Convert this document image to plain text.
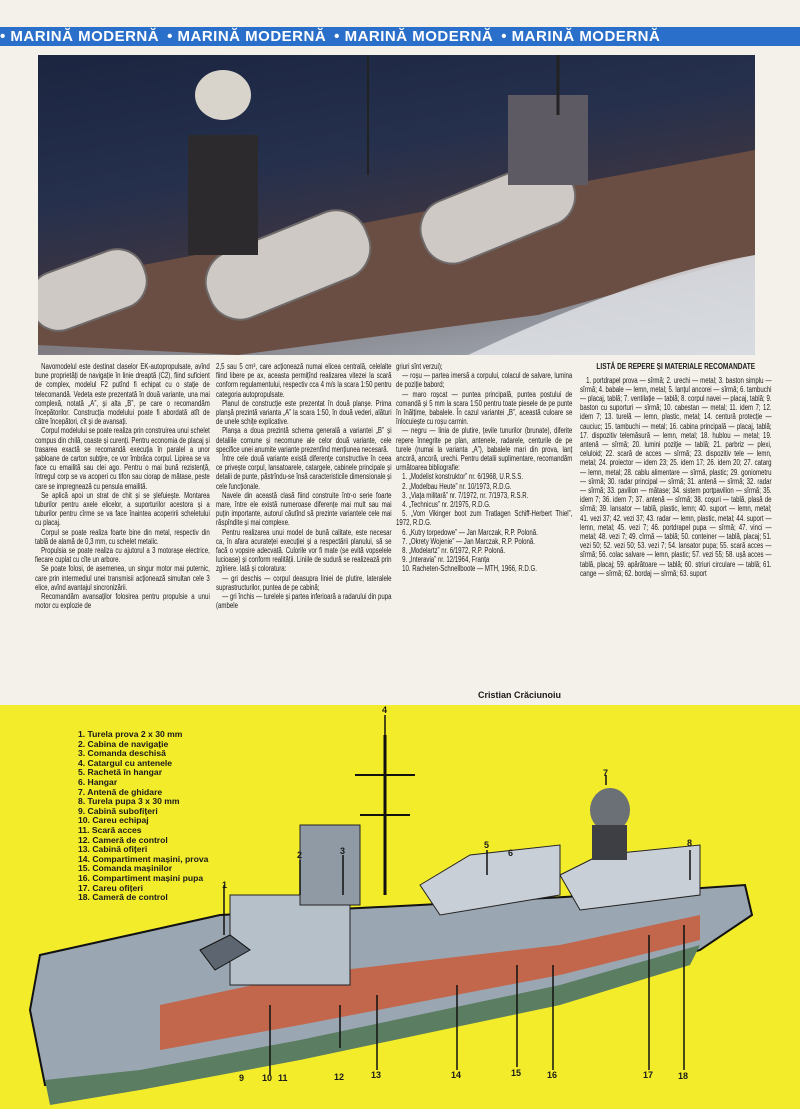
• MARINĂ MODERNĂ • MARINĂ MODERNĂ • MARINĂ MODERNĂ • MARINĂ MODERNĂ

Navomodelul este destinat claselor EK-autopropulsate, avînd bune proprietăți de navigație în linie dreaptă (C2), fiind suficient de complex, modelul F2 putînd fi echipat cu o stație de telecomandă. Vedeta este prezentată în două variante, una mai complexă, notată „A”, și alta „B”, pe care o recomandăm începătorilor. Construcția modelului poate fi abordată atît de către începători, cît și de avansați.

Corpul modelului se poate realiza prin construirea unui schelet compus din chilă, coaste și curenți. Pentru economia de placaj și trasarea exactă se recomandă execuția în paralel a unor șabloane de carton subțire, ce vor îmbrăca corpul. Lipirea se va face cu emailită sau clei ago. Pentru o mai bună rezistență, întregul corp se va acoperi cu tifon sau ciorap de mătase, peste care se impregnează cu pensula emailită.

Se aplică apoi un strat de chit și se șlefuiește. Montarea tuburilor pentru axele elicelor, a suporturilor acestora și a tuburilor pentru cîrme se va face înaintea acoperirii scheletului cu placaj.

Corpul se poate realiza foarte bine din metal, respectiv din tablă de alamă de 0,3 mm, cu schelet metalic.

Propulsia se poate realiza cu ajutorul a 3 motorașe electrice, fiecare cuplat cu cîte un arbore.

Se poate folosi, de asemenea, un singur motor mai puternic, care prin intermediul unei transmisii acționează simultan cele 3 elice, avînd avantajul sincronizării.

Recomandăm avansaților folosirea pentru propulsie a unui motor cu explozie de

2,5 sau 5 cm³, care acționează numai elicea centrală, celelalte fiind libere pe ax, aceasta permițînd realizarea vitezei la scară conform regulamentului, respectiv cca 4 m/s la scara 1:50 pentru categoria autopropulsate.

Planul de construcție este prezentat în două planșe. Prima planșă prezintă varianta „A” la scara 1:50, în două vederi, alături de unele schițe explicative.

Planșa a doua prezintă schema generală a variantei „B” și detaliile comune și necomune ale celor două variante, cele specifice unei anumite variante prezentînd mențiunea necesară.

Între cele două variante există diferențe constructive în ceea ce privește corpul, lansatoarele, catargele, cabinele principale și detalii de punte, păstrîndu-se însă caracteristicile dimensionale și cele funcționale.

Navele din această clasă fiind construite într-o serie foarte mare, între ele există numeroase diferențe mai mult sau mai puțin importante, autorul căutînd să prezinte variantele cele mai răspîndite și mai complexe.

Pentru realizarea unui model de bună calitate, este necesar ca, în afara acurateței execuției și a respectării planului, să se facă o vopsire adecvată. Culorile vor fi mate (se evită vopselele lucioase) și conform realității. Liniile de sudură se realizează prin zgîriere. Iată și coloratura:

— gri deschis — corpul deasupra liniei de plutire, lateralele suprastructurilor, puntea de pe cabină;

— gri închis — turelele și partea inferioară a radarului din pupa (ambele

griuri sînt verzui);

— roșu — partea imersă a corpului, colacul de salvare, lumina de poziție babord;

— maro roșcat — puntea principală, puntea postului de comandă și 5 mm la scara 1:50 pentru toate piesele de pe punte în înălțime, babalele. În cazul variantei „B”, această culoare se înlocuiește cu roșu carmin.

— negru — linia de plutire, țevile tunurilor (brunate), diferite repere înnegrite pe plan, antenele, radarele, centurile de pe turele (numai la varianta „A”), babalele mari din prova, lanț ancoră, ancoră, urechi. Pentru detalii suplimentare, recomandăm următoarea bibliografie:

1. „Modelist konstruktor” nr. 6/1968, U.R.S.S.

2. „Modelbau Heute” nr. 10/1973, R.D.G.

3. „Viața militară” nr. 7/1972, nr. 7/1973, R.S.R.

4. „Technicus” nr. 2/1975, R.D.G.

5. „Vom Vikinger boot zum Tratlagen Schiff-Herbert Thiel”, 1972, R.D.G.

6. „Kutry torpedowe” — Jan Marczak, R.P. Polonă.

7. „Okrety Wojenie” — Jan Marczak, R.P. Polonă.

8. „Modelartz” nr. 6/1972, R.P. Polonă.

9. „Interavia” nr. 12/1964, Franța

10. Racheten-Schnellboote — MTH, 1966, R.D.G.

Cristian Crăciunoiu
LISTĂ DE REPERE ȘI MATERIALE RECOMANDATE

1. portdrapel prova — sîrmă; 2. urechi — metal; 3. baston simplu — sîrmă; 4. babale — lemn, metal; 5. lanțul ancorei — sîrmă; 6. tambuchi — placaj, tablă; 7. ventilație — tablă; 8. corpul navei — placaj, tablă; 9. baston cu suporturi — sîrmă; 10. cabestan — metal; 11. idem 7; 12. idem 7; 13. turelă — lemn, plastic, metal; 14. centură protecție — cauciuc; 15. tambuchi — metal; 16. cabina principală — placaj, tablă; 17. dispozitiv telemăsură — lemn, metal; 18. hublou — metal; 19. antenă — sîrmă; 20. lumini poziție — tablă; 21. parbriz — plexi, celuloid; 22. scară de acces — sîrmă; 23. dispozitiv tele — lemn, metal; 24. proiector — idem 23; 25. idem 17; 26. idem 20; 27. catarg — lemn, metal; 28. cablu alimentare — sîrmă, plastic; 29. goniometru — sîrmă; 30. radar principal — sîrmă; 31. antenă — sîrmă; 32. radar — sîrmă; 33. pavilion — mătase; 34. sistem portpavilion — sîrmă; 35. idem 7; 36. idem 7; 37. antenă — sîrmă; 38. coșuri — tablă, plasă de sîrmă; 39. lansator — tablă, plastic, lemn; 40. suport — lemn, metal; 41. vezi 37; 42. vezi 37; 43. radar — lemn, plastic, metal; 44. suport — lemn, metal; 45. vezi 7; 46. portdrapel pupa — sîrmă; 47. vinci — metal; 48. vezi 7; 49. cîrmă — tablă; 50. conteiner — tablă, placaj; 51. vezi 50; 52. vezi 50; 53. vezi 7; 54. lansator pupa; 55. scară acces — sîrmă; 56. colac salvare — lemn, plastic; 57. vezi 55; 58. ușă acces — tablă, placaj; 59. apărătoare — tablă; 60. striuri circulare — tablă; 61. cange — sîrmă; 62. bordaj — sîrmă; 63. suport

1
2	3
4
5
6
7
8
9 10 11	12	13	14	15	16	17	18
1. Turela prova 2 x 30 mm
2. Cabina de navigație
3. Comanda deschisă
4. Catargul cu antenele
5. Rachetă în hangar
6. Hangar
7. Antenă de ghidare
8. Turela pupa 3 x 30 mm
9. Cabină subofițeri
10. Careu echipaj
11. Scară acces
12. Cameră de control
13. Cabină ofițeri
14. Compartiment mașini, prova
15. Comanda mașinilor
16. Compartiment mașini pupa
17. Careu ofițeri
18. Cameră de control
